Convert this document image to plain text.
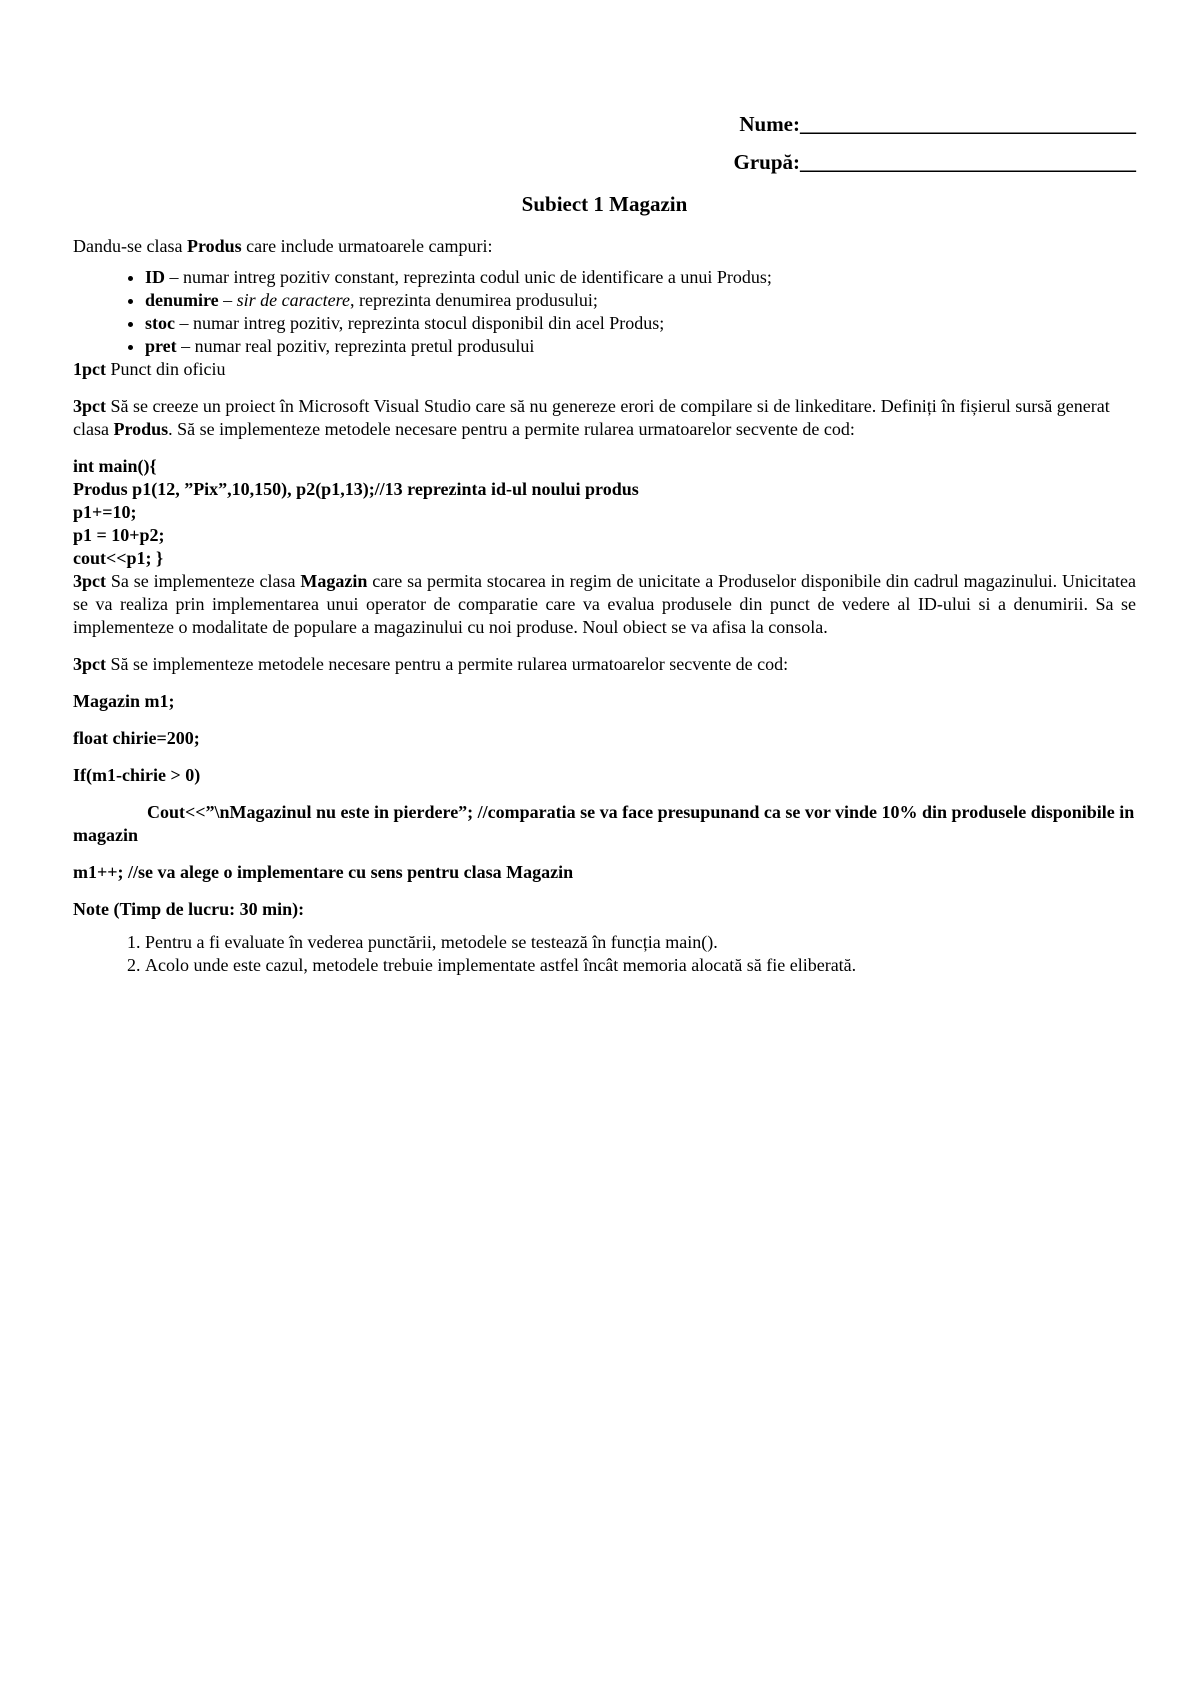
Nume:________________________________
Grupă:________________________________
Subiect 1 Magazin

Dandu-se clasa Produs care include urmatoarele campuri:

• ID – numar intreg pozitiv constant, reprezinta codul unic de identificare a unui Produs;
• denumire – sir de caractere, reprezinta denumirea produsului;
• stoc – numar intreg pozitiv, reprezinta stocul disponibil din acel Produs;
• pret – numar real pozitiv, reprezinta pretul produsului

1pct Punct din oficiu

3pct Să se creeze un proiect în Microsoft Visual Studio care să nu genereze erori de compilare si de linkeditare. Definiți în fișierul sursă generat clasa Produs. Să se implementeze metodele necesare pentru a permite rularea urmatoarelor secvente de cod:

int main(){
Produs p1(12, ”Pix”,10,150), p2(p1,13);//13 reprezinta id-ul noului produs
p1+=10;
p1 = 10+p2;
cout<<p1; }

3pct Sa se implementeze clasa Magazin care sa permita stocarea in regim de unicitate a Produselor disponibile din cadrul magazinului. Unicitatea se va realiza prin implementarea unui operator de comparatie care va evalua produsele din punct de vedere al ID-ului si a denumirii. Sa se implementeze o modalitate de populare a magazinului cu noi produse. Noul obiect se va afisa la consola.

3pct Să se implementeze metodele necesare pentru a permite rularea urmatoarelor secvente de cod:

Magazin m1;

float chirie=200;

If(m1-chirie > 0)

Cout<<”\nMagazinul nu este in pierdere”; //comparatia se va face presupunand ca se vor vinde 10% din produsele disponibile in magazin

m1++; //se va alege o implementare cu sens pentru clasa Magazin

Note (Timp de lucru: 30 min):

1. Pentru a fi evaluate în vederea punctării, metodele se testează în funcția main().
2. Acolo unde este cazul, metodele trebuie implementate astfel încât memoria alocată să fie eliberată.
